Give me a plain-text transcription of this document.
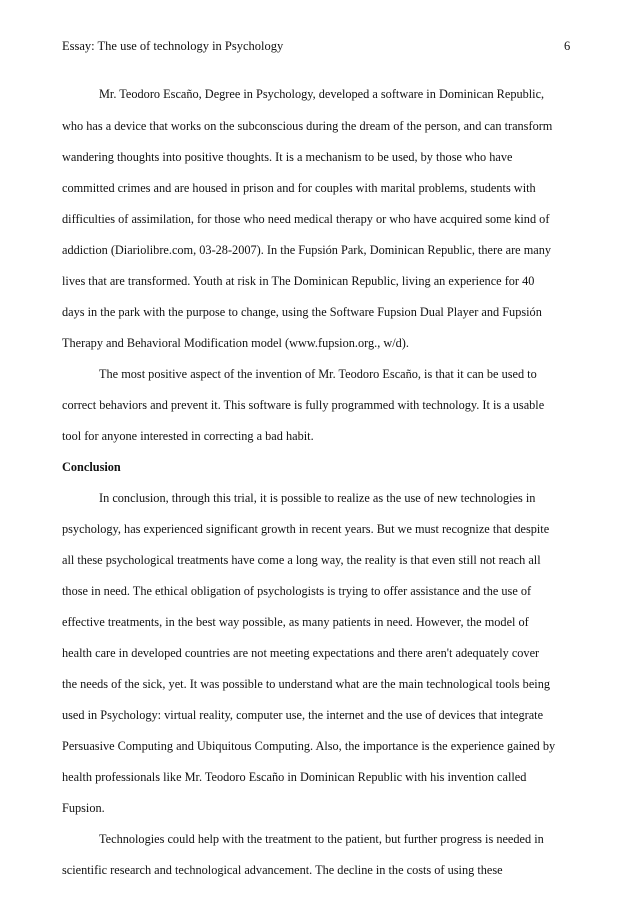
Essay: The use of technology in Psychology	6
Mr. Teodoro Escaño, Degree in Psychology, developed a software in Dominican Republic,
who has a device that works on the subconscious during the dream of the person, and can transform
wandering thoughts into positive thoughts. It is a mechanism to be used, by those who have
committed crimes and are housed in prison and for couples with marital problems, students with
difficulties of assimilation, for those who need medical therapy or who have acquired some kind of
addiction (Diariolibre.com, 03-28-2007). In the Fupsión Park, Dominican Republic, there are many
lives that are transformed. Youth at risk in The Dominican Republic, living an experience for 40
days in the park with the purpose to change, using the Software Fupsion Dual Player and Fupsión
Therapy and Behavioral Modification model (www.fupsion.org., w/d).
The most positive aspect of the invention of Mr. Teodoro Escaño, is that it can be used to
correct behaviors and prevent it. This software is fully programmed with technology. It is a usable
tool for anyone interested in correcting a bad habit.
Conclusion
In conclusion, through this trial, it is possible to realize as the use of new technologies in
psychology, has experienced significant growth in recent years. But we must recognize that despite
all these psychological treatments have come a long way, the reality is that even still not reach all
those in need. The ethical obligation of psychologists is trying to offer assistance and the use of
effective treatments, in the best way possible, as many patients in need. However, the model of
health care in developed countries are not meeting expectations and there aren't adequately cover
the needs of the sick, yet. It was possible to understand what are the main technological tools being
used in Psychology: virtual reality, computer use, the internet and the use of devices that integrate
Persuasive Computing and Ubiquitous Computing. Also, the importance is the experience gained by
health professionals like Mr. Teodoro Escaño in Dominican Republic with his invention called
Fupsion.
Technologies could help with the treatment to the patient, but further progress is needed in
scientific research and technological advancement. The decline in the costs of using these
